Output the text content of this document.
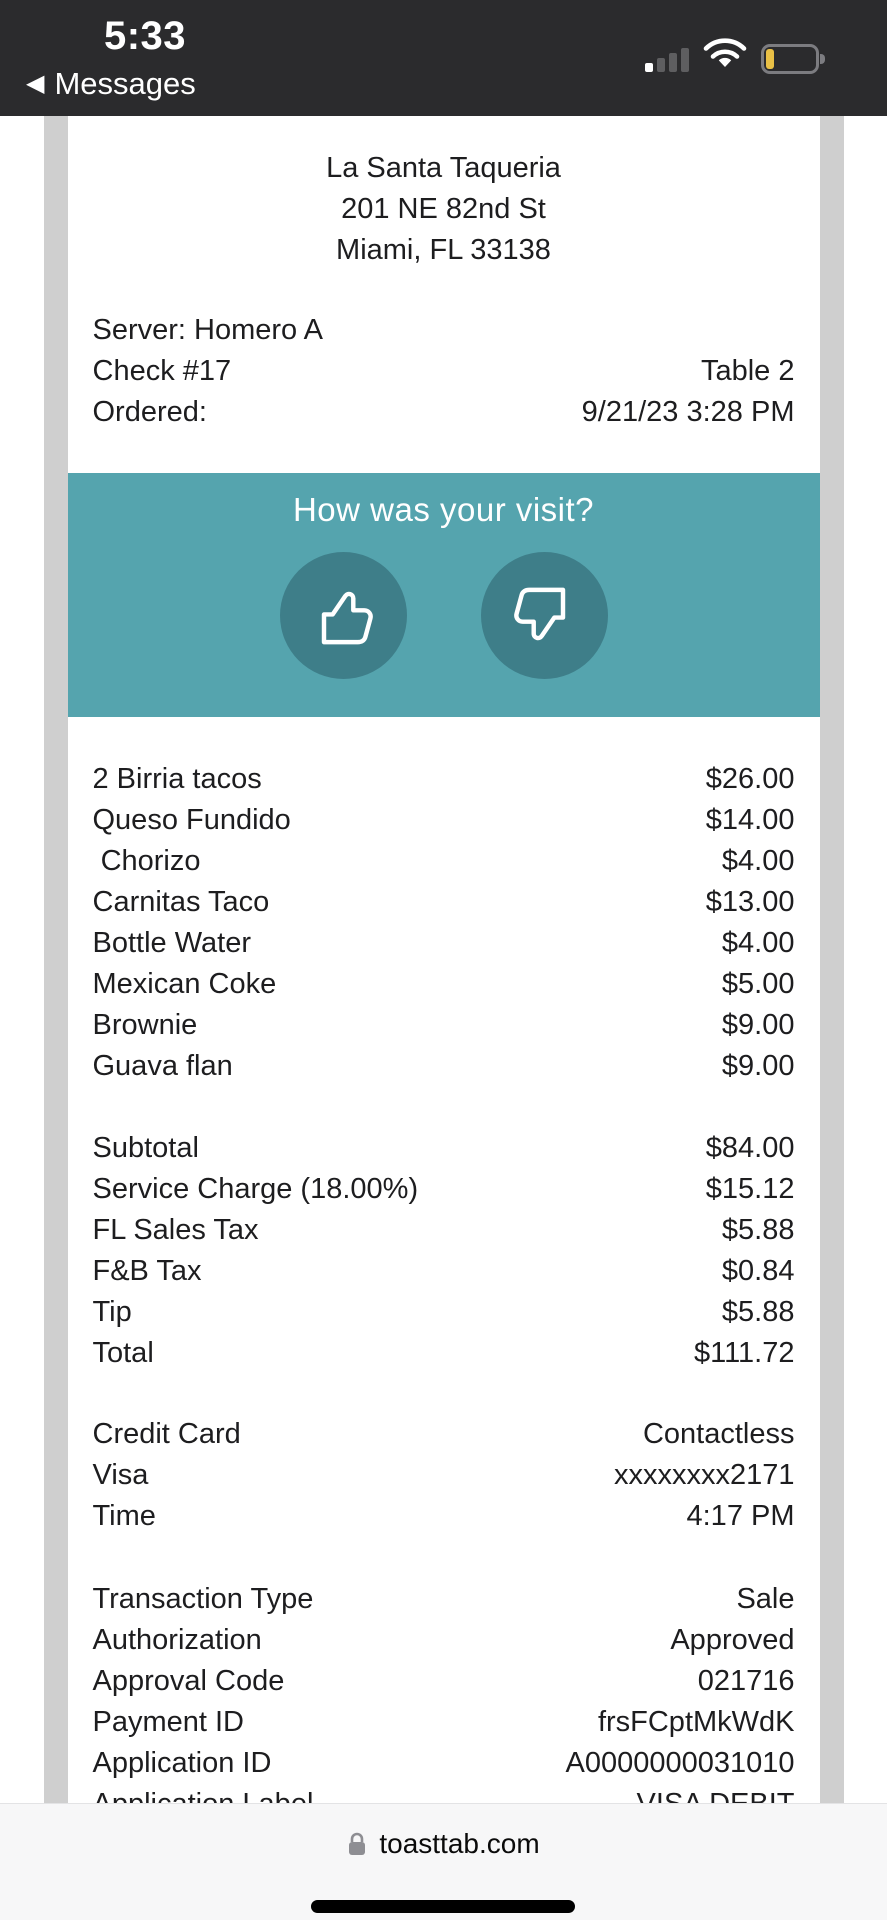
5:33
◀ Messages
La Santa Taqueria
201 NE 82nd St
Miami, FL 33138
Server: Homero A
Check #17	Table 2
Ordered:	9/21/23 3:28 PM
How was your visit?
2 Birria tacos	$26.00
Queso Fundido	$14.00
Chorizo	$4.00
Carnitas Taco	$13.00
Bottle Water	$4.00
Mexican Coke	$5.00
Brownie	$9.00
Guava flan	$9.00
Subtotal	$84.00
Service Charge (18.00%)	$15.12
FL Sales Tax	$5.88
F&B Tax	$0.84
Tip	$5.88
Total	$111.72
Credit Card	Contactless
Visa	xxxxxxxx2171
Time	4:17 PM
Transaction Type	Sale
Authorization	Approved
Approval Code	021716
Payment ID	frsFCptMkWdK
Application ID	A0000000031010
toasttab.com
